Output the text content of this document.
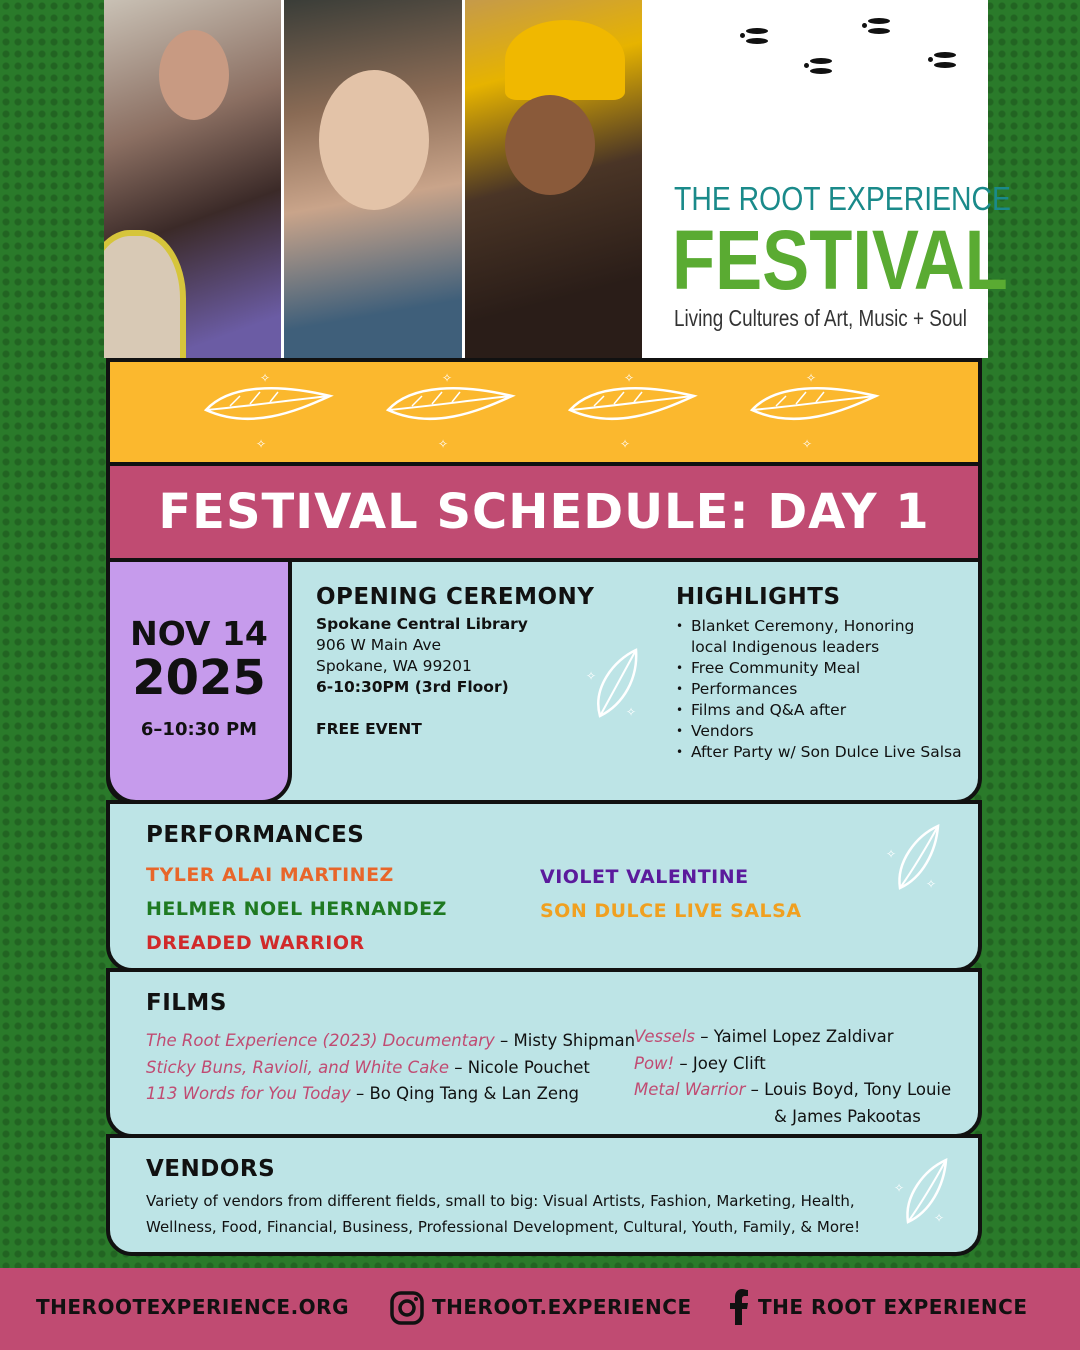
THE ROOT EXPERIENCE
FESTIVAL
Living Cultures of Art, Music + Soul
✧
✧
FESTIVAL SCHEDULE: DAY 1
VENDORS
Variety of vendors from different fields, small to big: Visual Artists, Fashion, Marketing, Health,
Wellness, Food, Financial, Business, Professional Development, Cultural, Youth, Family, & More!
✧
✧
FILMS
The Root Experience (2023) Documentary – Misty Shipman
Sticky Buns, Ravioli, and White Cake – Nicole Pouchet
113 Words for You Today – Bo Qing Tang & Lan Zeng
Vessels – Yaimel Lopez Zaldivar
Pow! – Joey Clift
Metal Warrior – Louis Boyd, Tony Louie
& James Pakootas
PERFORMANCES
TYLER ALAI MARTINEZ
HELMER NOEL HERNANDEZ
DREADED WARRIOR
VIOLET VALENTINE
SON DULCE LIVE SALSA
✧
✧
NOV 14
2025
6–10:30 PM
OPENING CEREMONY
Spokane Central Library
906 W Main Ave
Spokane, WA 99201
6-10:30PM (3rd Floor)
FREE EVENT
✧
✧
HIGHLIGHTS
• Blanket Ceremony, Honoring
local Indigenous leaders
• Free Community Meal
• Performances
• Films and Q&A after
• Vendors
• After Party w/ Son Dulce Live Salsa
THEROOTEXPERIENCE.ORG	THEROOT.EXPERIENCE	THE ROOT EXPERIENCE
